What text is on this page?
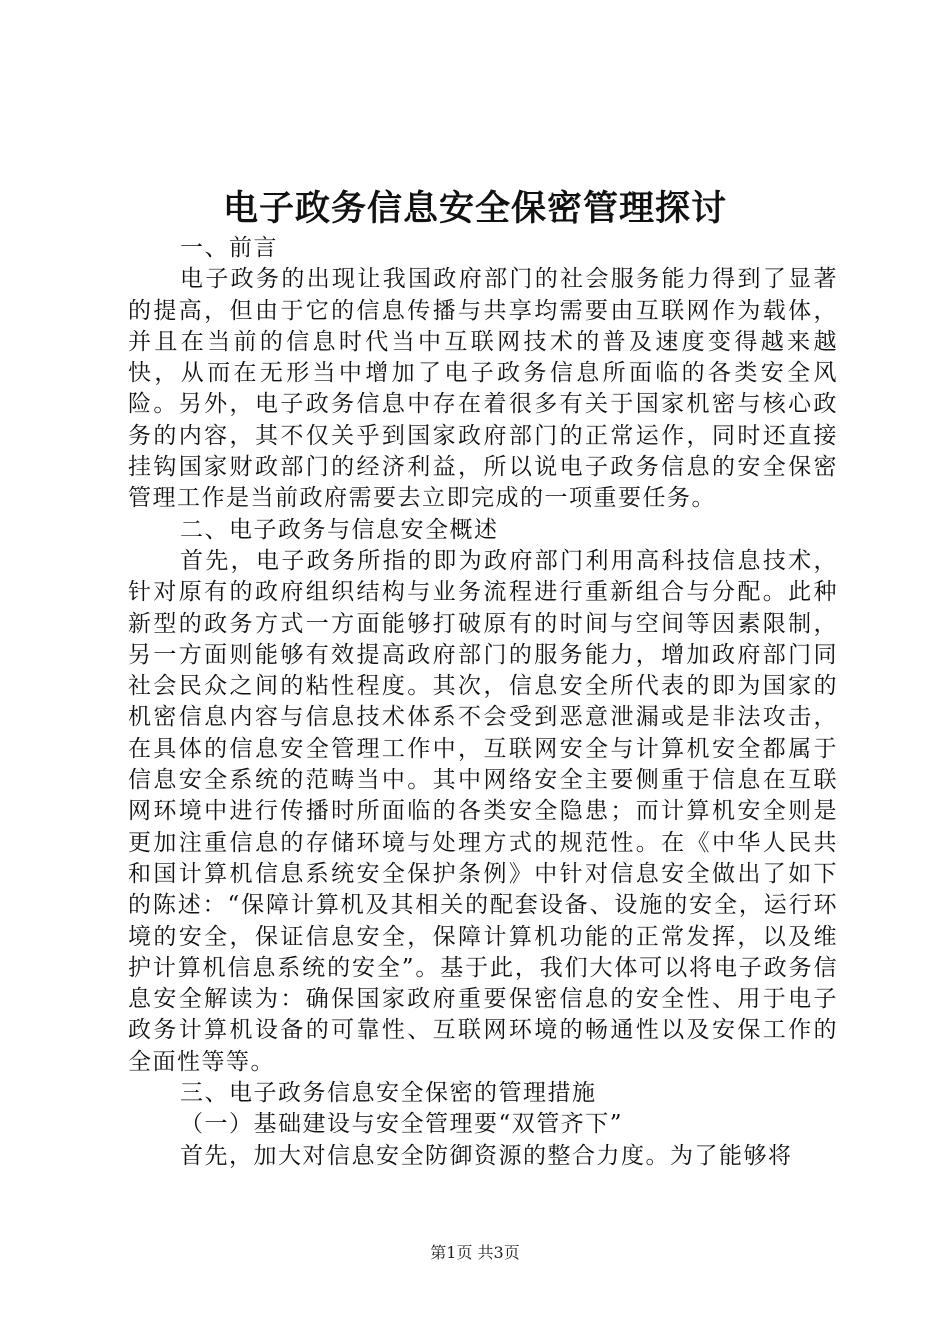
电子政务信息安全保密管理探讨

一、前言

电子政务的出现让我国政府部门的社会服务能力得到了显著的提高，但由于它的信息传播与共享均需要由互联网作为载体，并且在当前的信息时代当中互联网技术的普及速度变得越来越快，从而在无形当中增加了电子政务信息所面临的各类安全风险。另外，电子政务信息中存在着很多有关于国家机密与核心政务的内容，其不仅关乎到国家政府部门的正常运作，同时还直接挂钩国家财政部门的经济利益，所以说电子政务信息的安全保密管理工作是当前政府需要去立即完成的一项重要任务。

二、电子政务与信息安全概述

首先，电子政务所指的即为政府部门利用高科技信息技术，针对原有的政府组织结构与业务流程进行重新组合与分配。此种新型的政务方式一方面能够打破原有的时间与空间等因素限制，另一方面则能够有效提高政府部门的服务能力，增加政府部门同社会民众之间的粘性程度。其次，信息安全所代表的即为国家的机密信息内容与信息技术体系不会受到恶意泄漏或是非法攻击，在具体的信息安全管理工作中，互联网安全与计算机安全都属于信息安全系统的范畴当中。其中网络安全主要侧重于信息在互联网环境中进行传播时所面临的各类安全隐患；而计算机安全则是更加注重信息的存储环境与处理方式的规范性。在《中华人民共和国计算机信息系统安全保护条例》中针对信息安全做出了如下的陈述：“保障计算机及其相关的配套设备、设施的安全，运行环境的安全，保证信息安全，保障计算机功能的正常发挥，以及维护计算机信息系统的安全”。基于此，我们大体可以将电子政务信息安全解读为：确保国家政府重要保密信息的安全性、用于电子政务计算机设备的可靠性、互联网环境的畅通性以及安保工作的全面性等等。

三、电子政务信息安全保密的管理措施

（一）基础建设与安全管理要“双管齐下”

首先，加大对信息安全防御资源的整合力度。为了能够将

第1页 共3页
